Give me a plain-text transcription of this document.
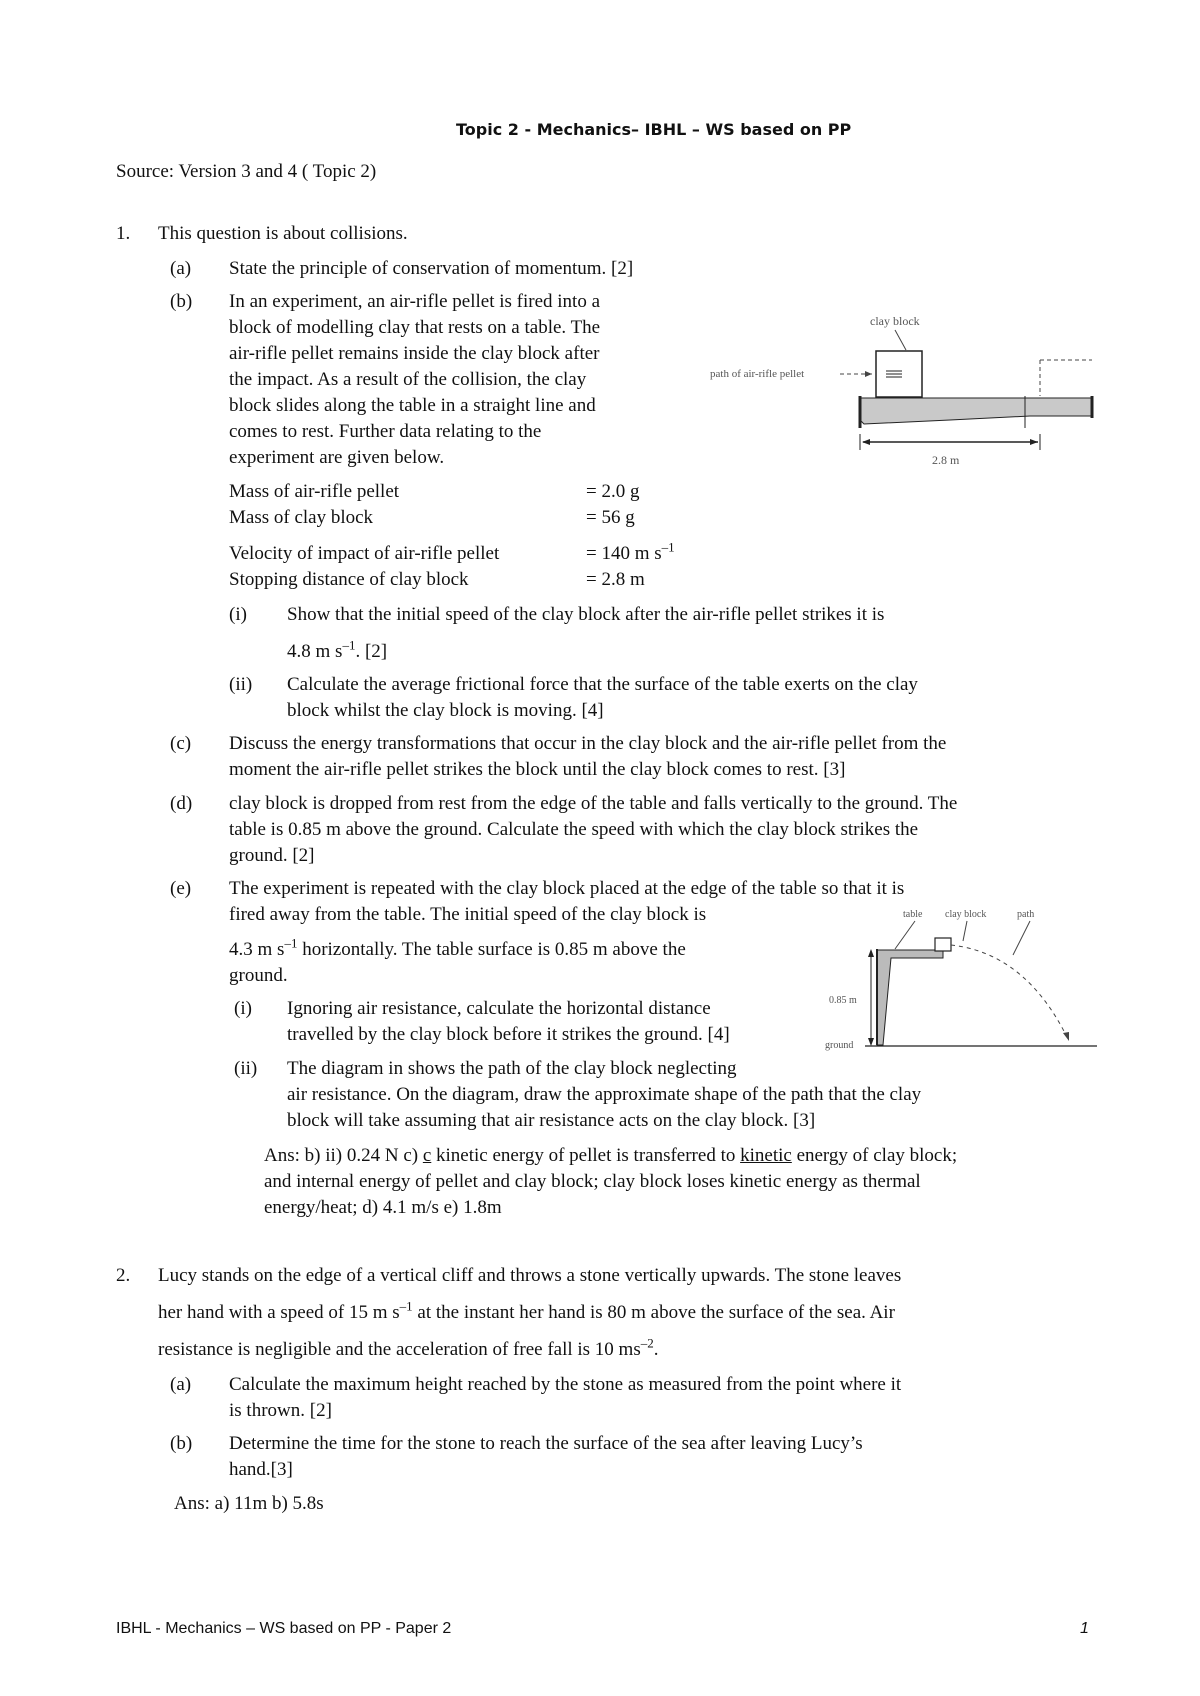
Topic 2 - Mechanics– IBHL – WS based on PP
Source: Version 3 and 4 ( Topic 2)
1. This question is about collisions.
(a) State the principle of conservation of momentum. [2]
(b) In an experiment, an air-rifle pellet is fired into a
block of modelling clay that rests on a table. The
air-rifle pellet remains inside the clay block after
the impact. As a result of the collision, the clay
block slides along the table in a straight line and
comes to rest. Further data relating to the
experiment are given below.
Mass of air-rifle pellet	= 2.0 g
Mass of clay block	= 56 g
Velocity of impact of air-rifle pellet	= 140 m $s^{-1}$
Stopping distance of clay block	= 2.8 m
(i) Show that the initial speed of the clay block after the air-rifle pellet strikes it is
4.8 m $s^{-1}$. [2]
(ii) Calculate the average frictional force that the surface of the table exerts on the clay
block whilst the clay block is moving. [4]
(c) Discuss the energy transformations that occur in the clay block and the air-rifle pellet from the
moment the air-rifle pellet strikes the block until the clay block comes to rest. [3]
(d) clay block is dropped from rest from the edge of the table and falls vertically to the ground. The
table is 0.85 m above the ground. Calculate the speed with which the clay block strikes the
ground. [2]
(e) The experiment is repeated with the clay block placed at the edge of the table so that it is
fired away from the table. The initial speed of the clay block is
4.3 m $s^{-1}$ horizontally. The table surface is 0.85 m above the
ground.
(i) Ignoring air resistance, calculate the horizontal distance
travelled by the clay block before it strikes the ground. [4]
(ii) The diagram in shows the path of the clay block neglecting
air resistance. On the diagram, draw the approximate shape of the path that the clay
block will take assuming that air resistance acts on the clay block. [3]
Ans: b) ii) 0.24 N c) c kinetic energy of pellet is transferred to kinetic energy of clay block;
and internal energy of pellet and clay block; clay block loses kinetic energy as thermal
energy/heat; d) 4.1 m/s e) 1.8m
2. Lucy stands on the edge of a vertical cliff and throws a stone vertically upwards. The stone leaves
her hand with a speed of 15 m $s^{-1}$ at the instant her hand is 80 m above the surface of the sea. Air
resistance is negligible and the acceleration of free fall is 10 $ms^{-2}$.
(a) Calculate the maximum height reached by the stone as measured from the point where it
is thrown. [2]
(b) Determine the time for the stone to reach the surface of the sea after leaving Lucy’s
hand.[3]
Ans: a) 11m b) 5.8s
clay block
path of air-rifle pellet
2.8 m
table clay block	path
0.85 m
ground
IBHL - Mechanics – WS based on PP - Paper 2	1
